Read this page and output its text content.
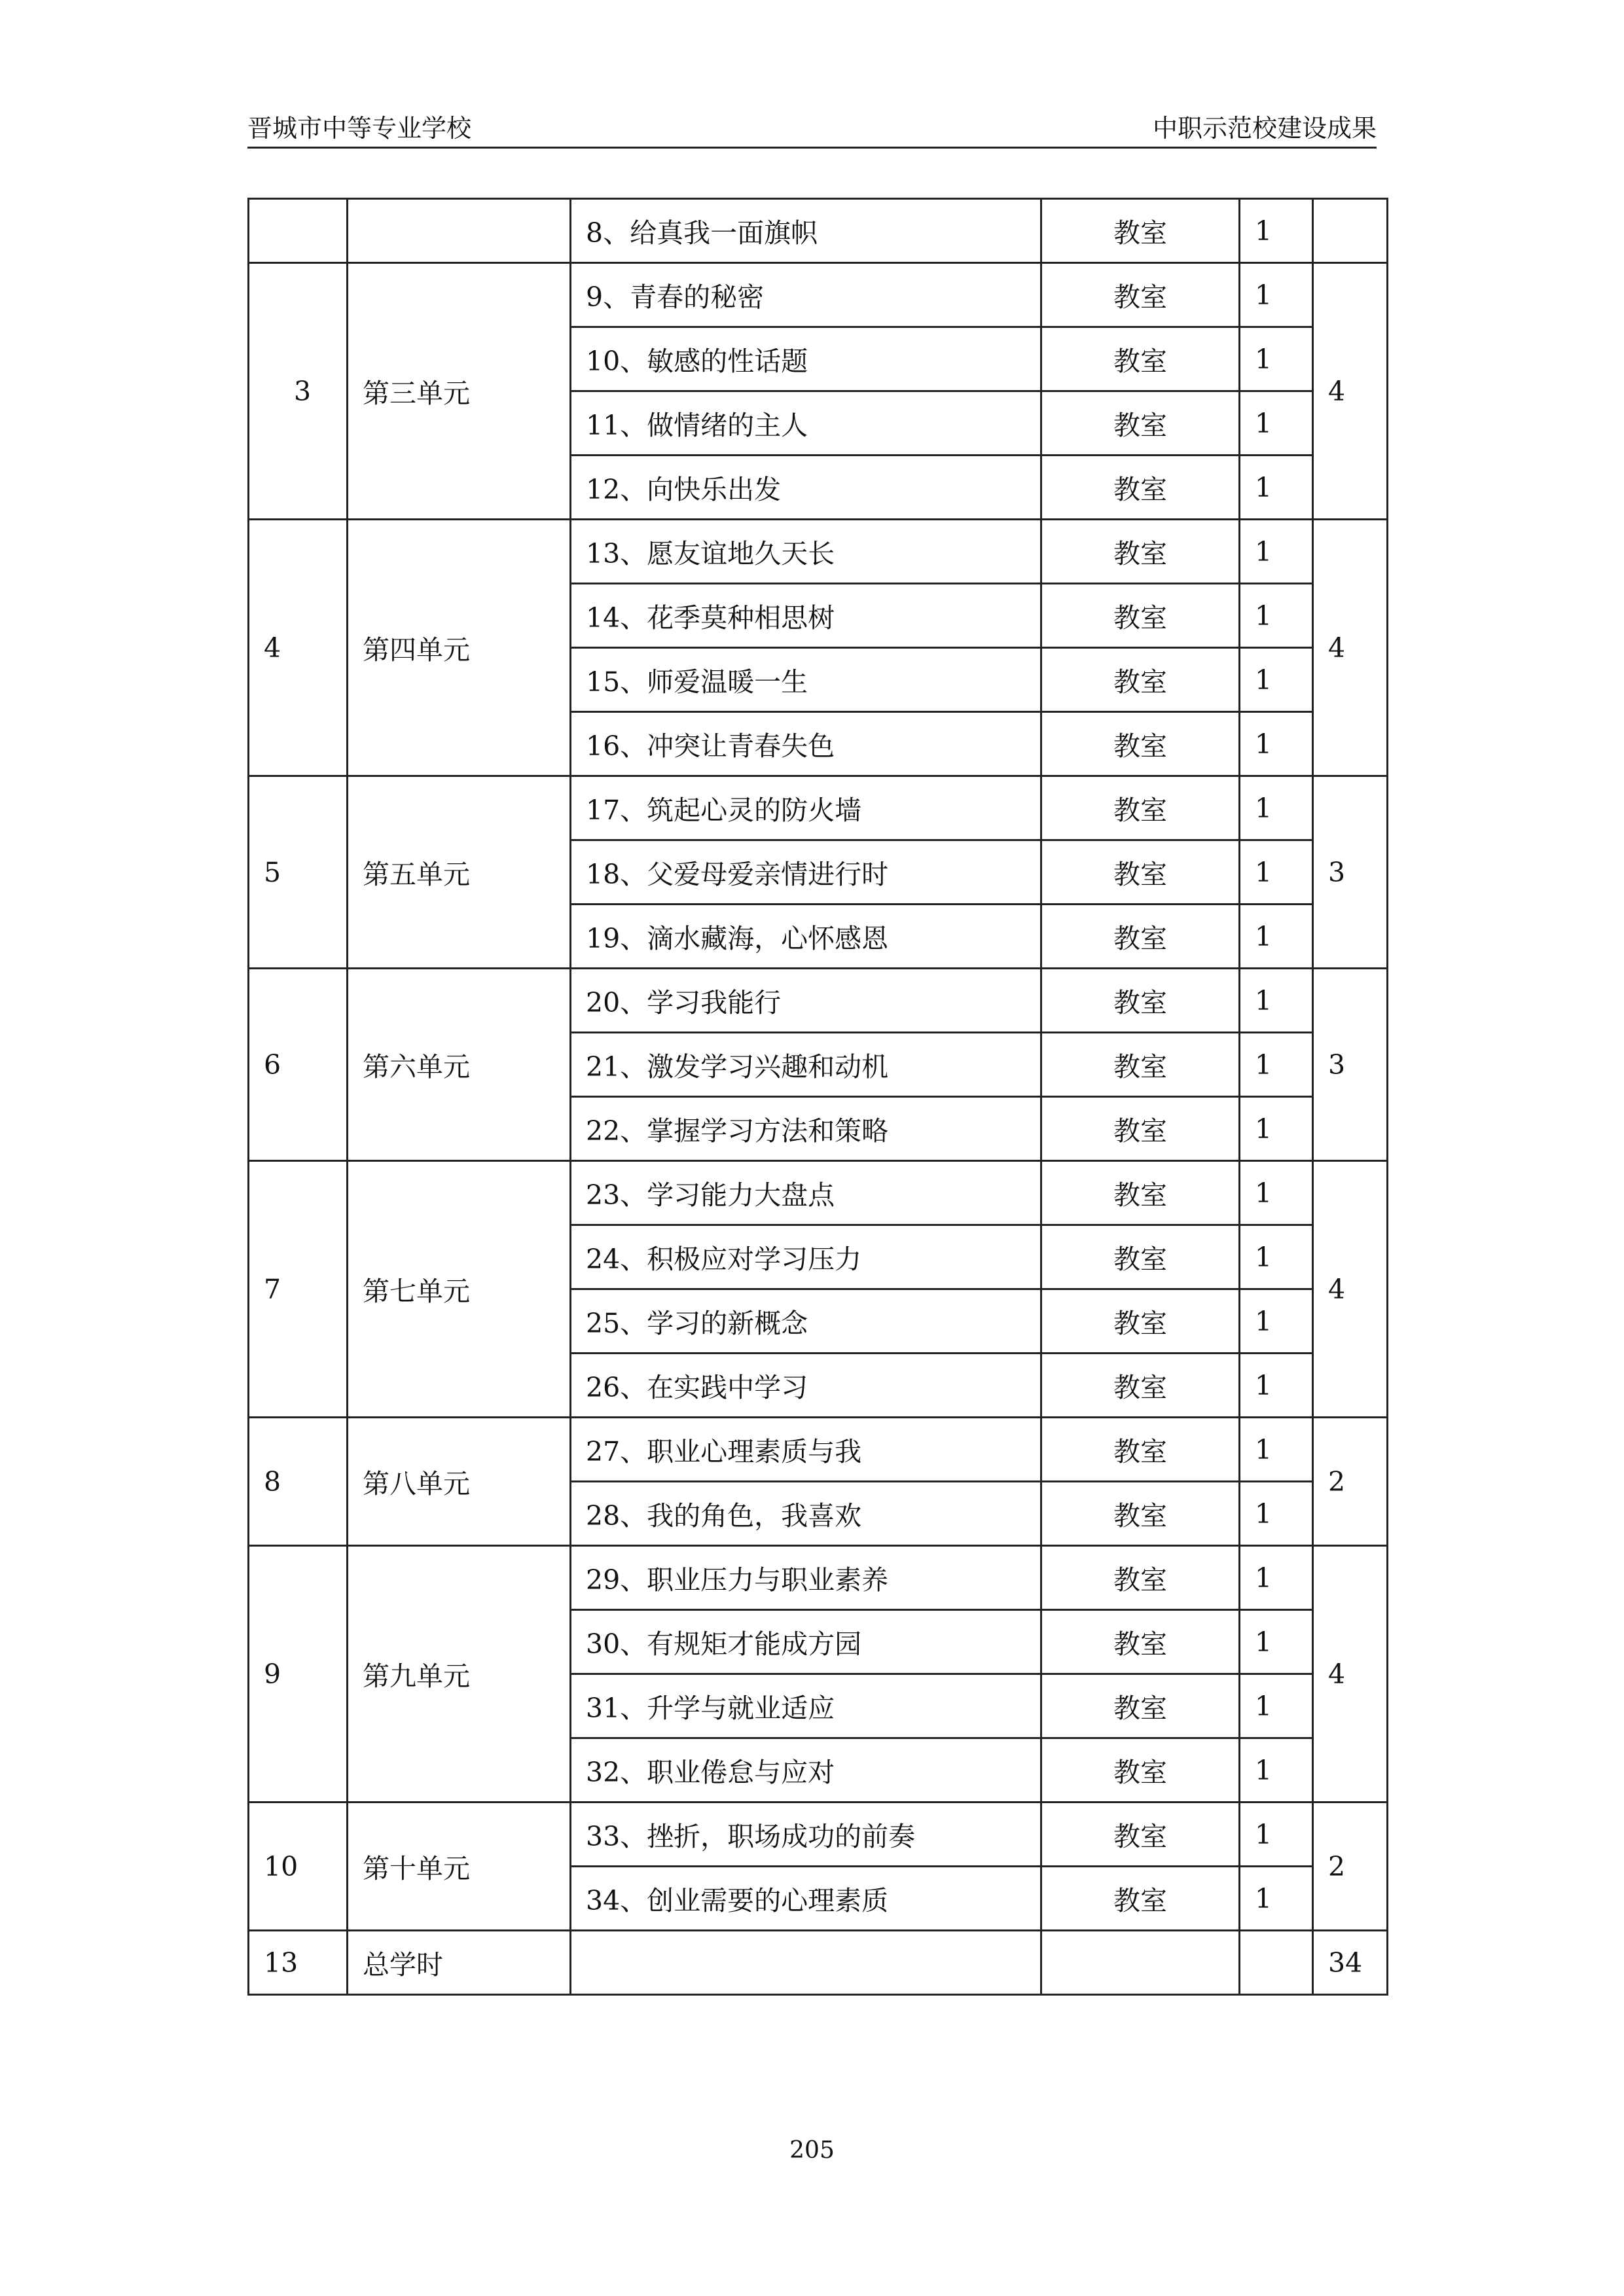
晋城市中等专业学校	中职示范校建设成果
		8、给真我一面旗帜	教室	1	
3	第三单元	9、青春的秘密	教室	1	4
		10、敏感的性话题	教室	1	
		11、做情绪的主人	教室	1	
		12、向快乐出发	教室	1	
4	第四单元	13、愿友谊地久天长	教室	1	4
		14、花季莫种相思树	教室	1	
		15、师爱温暖一生	教室	1	
		16、冲突让青春失色	教室	1	
5	第五单元	17、筑起心灵的防火墙	教室	1	3
		18、父爱母爱亲情进行时	教室	1	
		19、滴水藏海，心怀感恩	教室	1	
6	第六单元	20、学习我能行	教室	1	3
		21、激发学习兴趣和动机	教室	1	
		22、掌握学习方法和策略	教室	1	
7	第七单元	23、学习能力大盘点	教室	1	4
		24、积极应对学习压力	教室	1	
		25、学习的新概念	教室	1	
		26、在实践中学习	教室	1	
8	第八单元	27、职业心理素质与我	教室	1	2
		28、我的角色，我喜欢	教室	1	
9	第九单元	29、职业压力与职业素养	教室	1	4
		30、有规矩才能成方园	教室	1	
		31、升学与就业适应	教室	1	
		32、职业倦怠与应对	教室	1	
10	第十单元	33、挫折，职场成功的前奏	教室	1	2
		34、创业需要的心理素质	教室	1	
13	总学时				34
205
